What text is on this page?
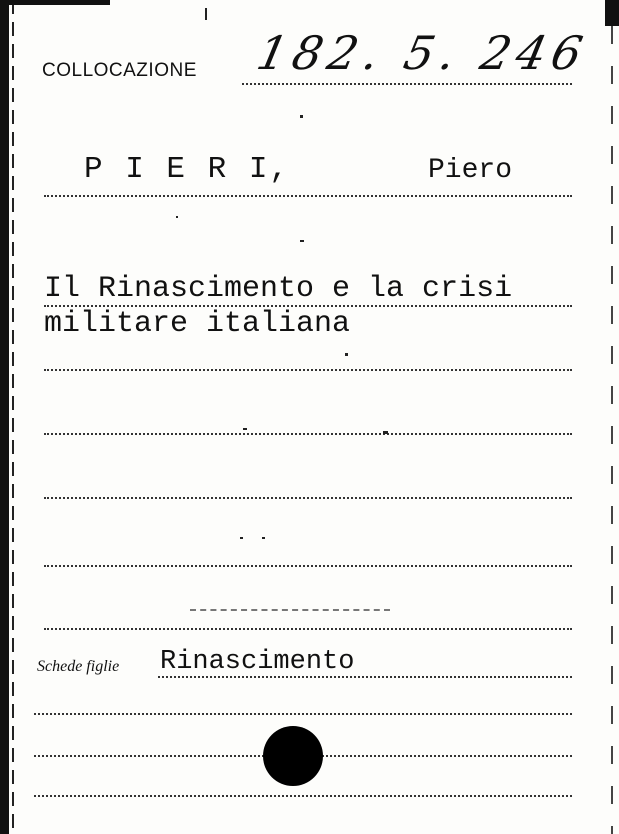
COLLOCAZIONE 182. 5. 246
P I E R I,	Piero
Il Rinascimento e la crisi
militare italiana
Schede figlie Rinascimento
